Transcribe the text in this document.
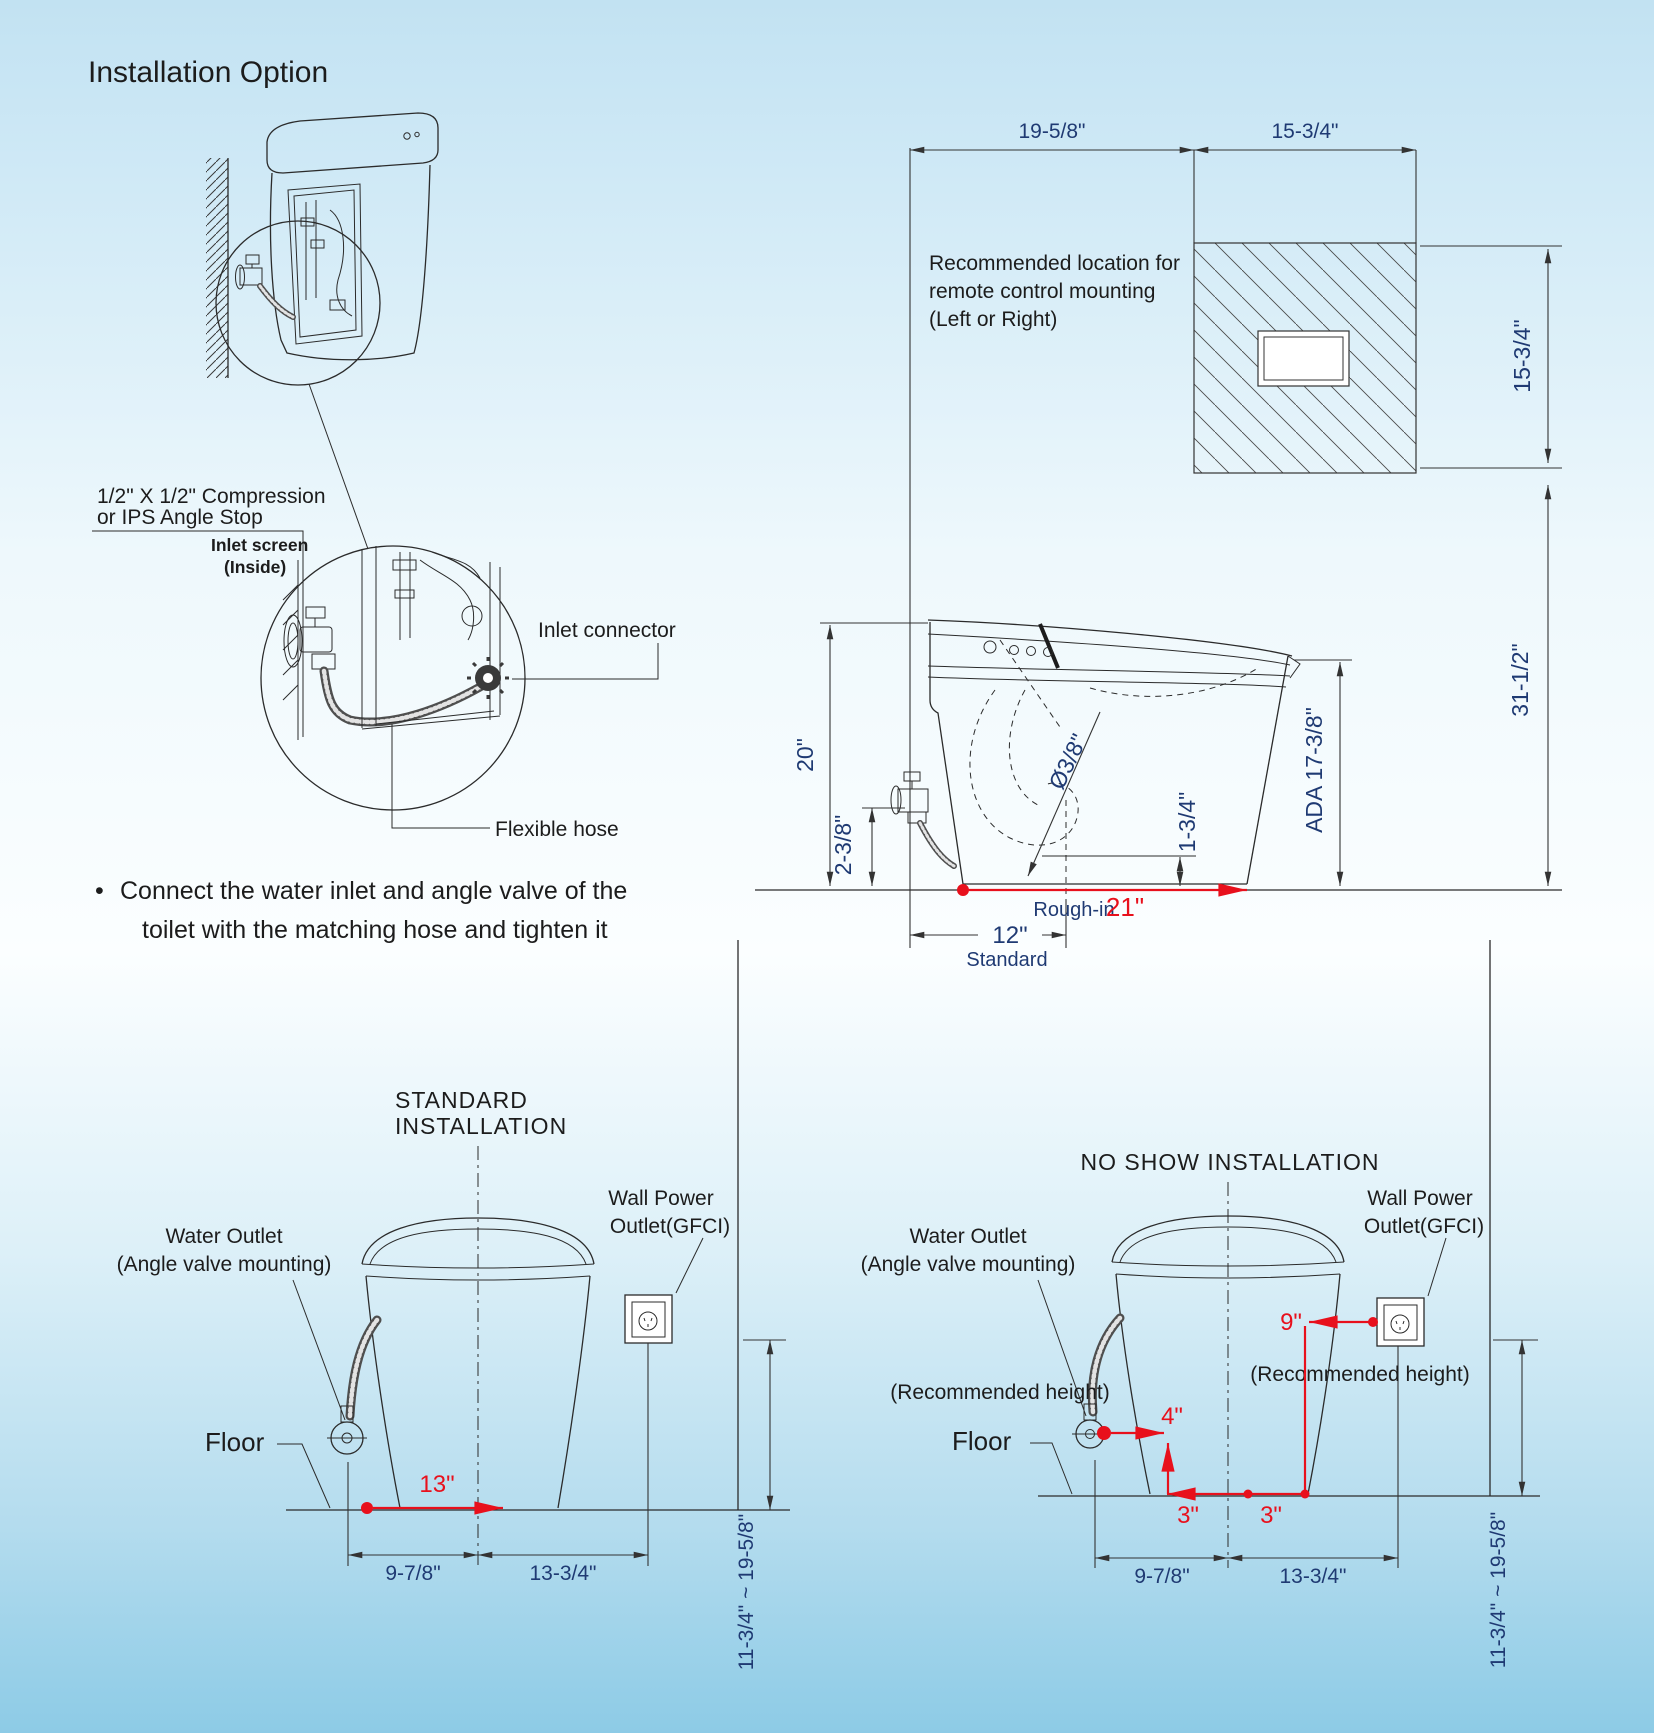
Installation Option
1/2" X 1/2" Compression
or IPS Angle Stop
Inlet screen
(Inside)
Inlet connector
Flexible hose
• Connect the water inlet and angle valve of the
toilet with the matching hose and tighten it
19-5/8"	15-3/4"
Recommended location for
remote control mounting
(Left or Right)	15-3/4"
31-1/2"
20"
2-3/8"	1-3/4"	ADA 17-3/8"
Ø3/8"
Rough-in
12"
Standard
21"
STANDARD
INSTALLATION
Water Outlet
(Angle valve mounting)
Wall Power
Outlet(GFCI)
Floor
13"
9-7/8"	13-3/4"	11-3/4" ~ 19-5/8"
NO SHOW INSTALLATION
Water Outlet
(Angle valve mounting)
Wall Power
Outlet(GFCI)
(Recommended height)
(Recommended height)
Floor
4"
3"	3"
9"
9-7/8"	13-3/4"	11-3/4" ~ 19-5/8"
